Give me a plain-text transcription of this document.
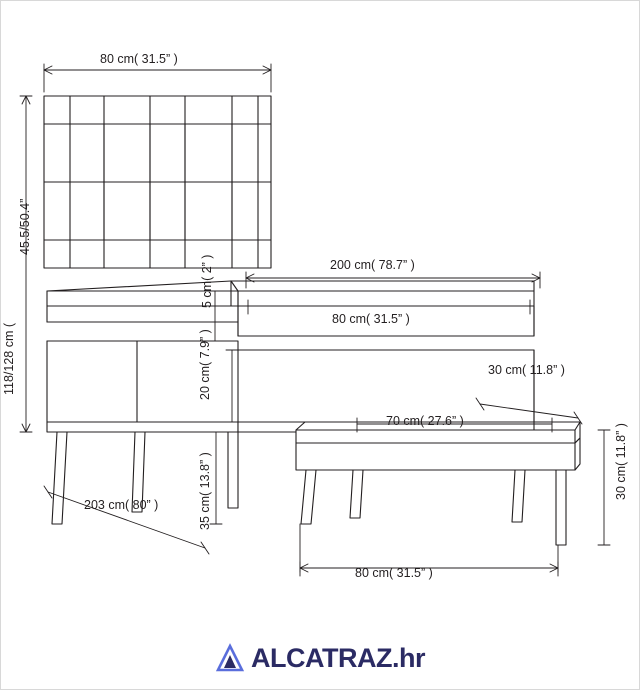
80 cm( 31.5” )
45.5/50.4”
118/128 cm (
200 cm( 78.7” )
80 cm( 31.5” )
5 cm( 2” )
20 cm( 7.9” )
203 cm( 80” )	35 cm( 13.8” )
30 cm( 11.8” )
70 cm( 27.6” )
30 cm( 11.8” )
80 cm( 31.5” )
ALCATRAZ.hr
